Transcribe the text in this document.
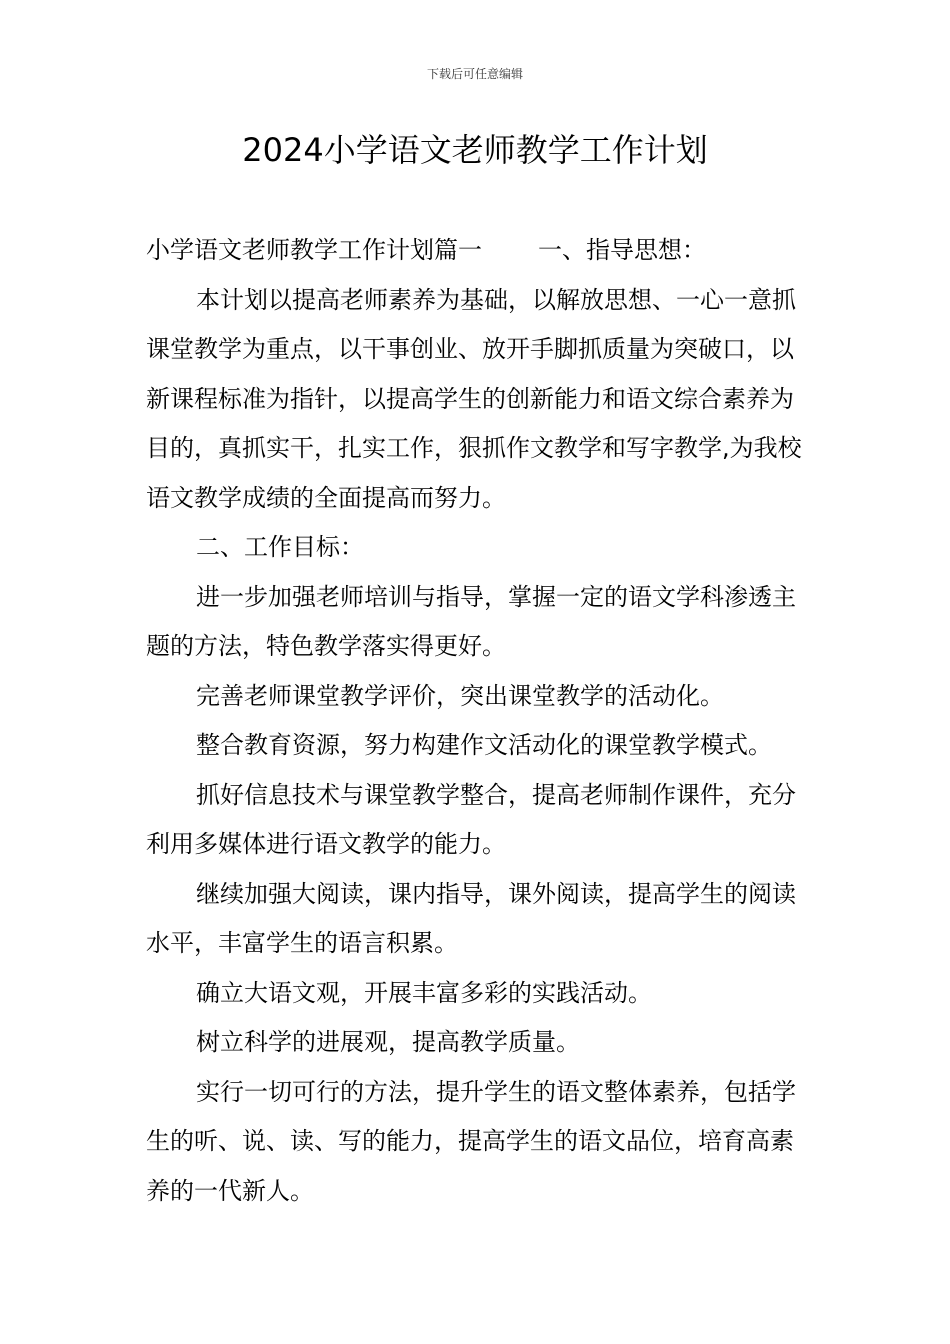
下载后可任意编辑
2024小学语文老师教学工作计划

小学语文老师教学工作计划篇一 一、指导思想：

本计划以提高老师素养为基础，以解放思想、一心一意抓课堂教学为重点，以干事创业、放开手脚抓质量为突破口，以新课程标准为指针，以提高学生的创新能力和语文综合素养为目的，真抓实干，扎实工作，狠抓作文教学和写字教学,为我校语文教学成绩的全面提高而努力。

二、工作目标：

进一步加强老师培训与指导，掌握一定的语文学科渗透主题的方法，特色教学落实得更好。

完善老师课堂教学评价，突出课堂教学的活动化。

整合教育资源，努力构建作文活动化的课堂教学模式。

抓好信息技术与课堂教学整合，提高老师制作课件，充分利用多媒体进行语文教学的能力。

继续加强大阅读，课内指导，课外阅读，提高学生的阅读水平，丰富学生的语言积累。

确立大语文观，开展丰富多彩的实践活动。

树立科学的进展观，提高教学质量。

实行一切可行的方法，提升学生的语文整体素养，包括学生的听、说、读、写的能力，提高学生的语文品位，培育高素养的一代新人。
